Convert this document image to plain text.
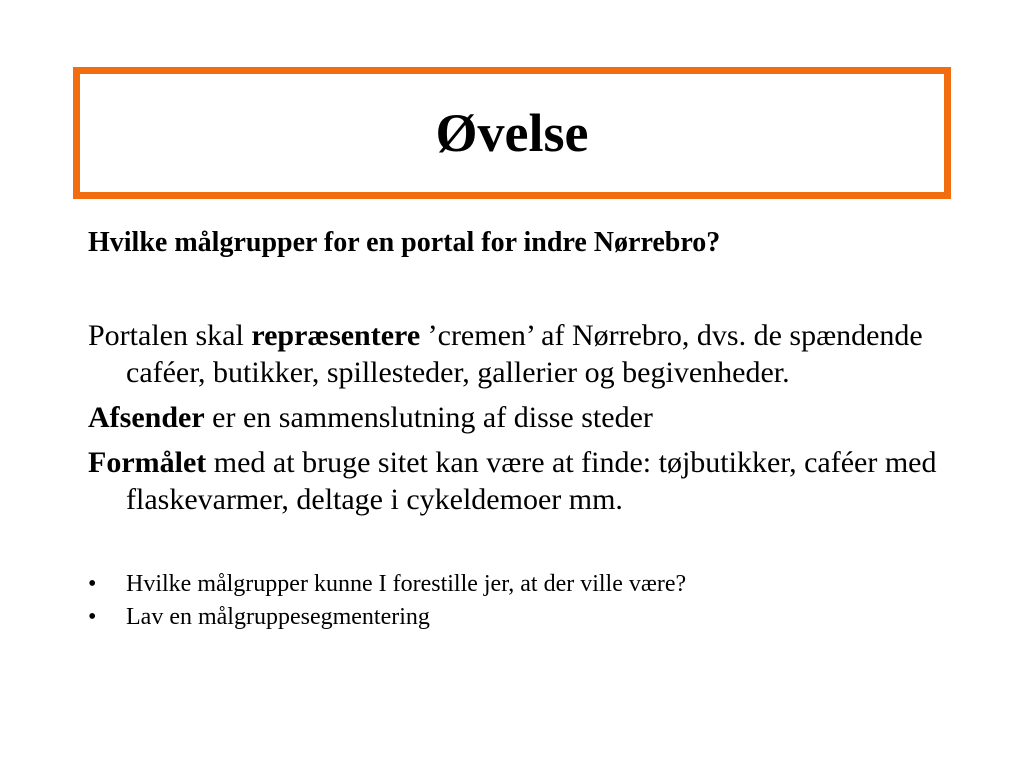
Øvelse

Hvilke målgrupper for en portal for indre Nørrebro?

Portalen skal repræsentere ’cremen’ af Nørrebro, dvs. de spændende caféer, butikker, spillesteder, gallerier og begivenheder.

Afsender er en sammenslutning af disse steder

Formålet med at bruge sitet kan være at finde: tøjbutikker, caféer med flaskevarmer, deltage i cykeldemoer mm.

• Hvilke målgrupper kunne I forestille jer, at der ville være?
• Lav en målgruppesegmentering
